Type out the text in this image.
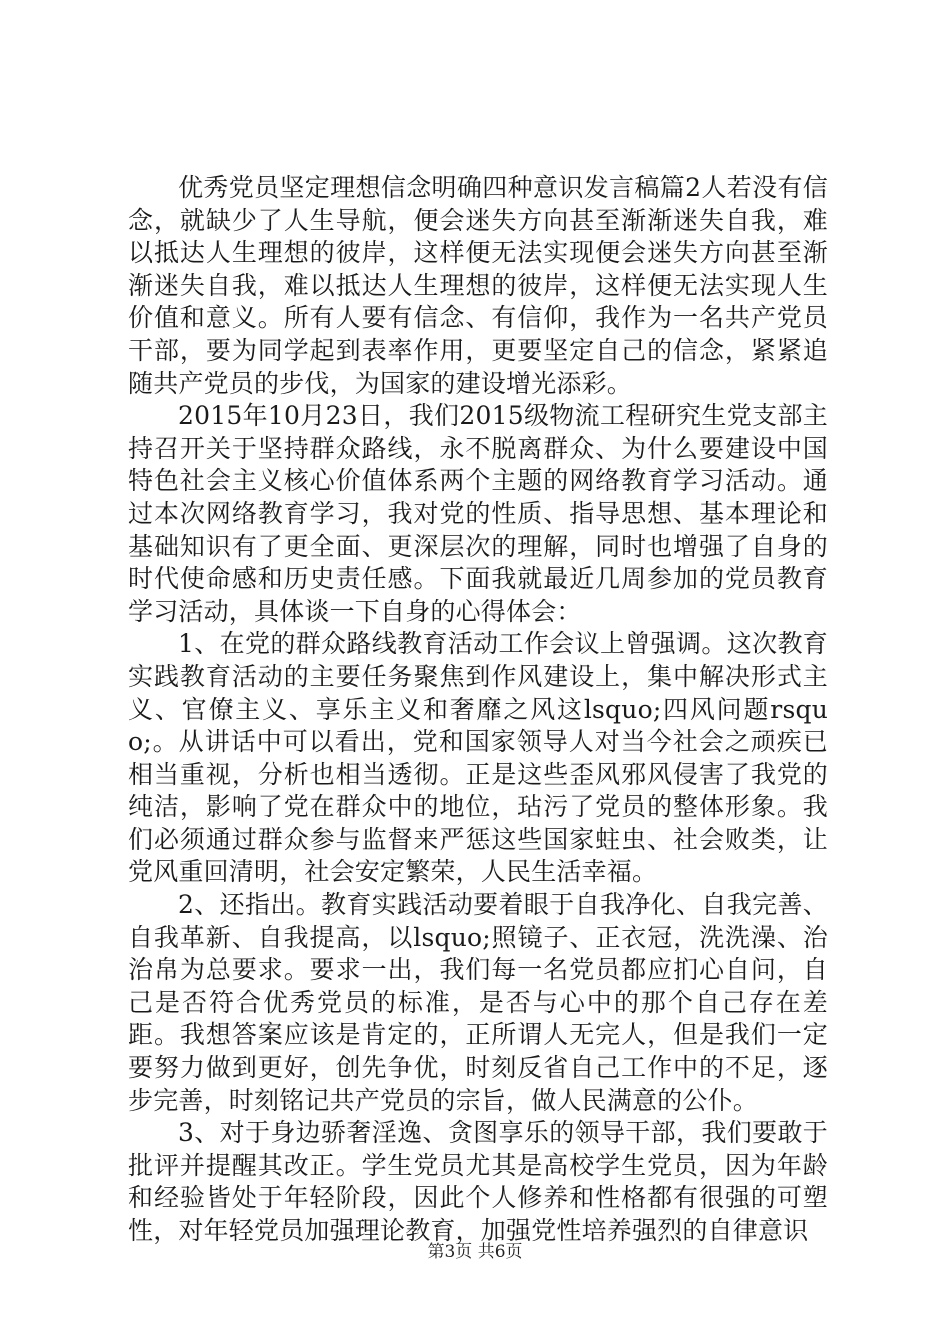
优秀党员坚定理想信念明确四种意识发言稿篇2人若没有信念，就缺少了人生导航，便会迷失方向甚至渐渐迷失自我，难以抵达人生理想的彼岸，这样便无法实现便会迷失方向甚至渐渐迷失自我，难以抵达人生理想的彼岸，这样便无法实现人生价值和意义。所有人要有信念、有信仰，我作为一名共产党员干部，要为同学起到表率作用，更要坚定自己的信念，紧紧追随共产党员的步伐，为国家的建设增光添彩。

2015年10月23日，我们2015级物流工程研究生党支部主持召开关于坚持群众路线，永不脱离群众、为什么要建设中国特色社会主义核心价值体系两个主题的网络教育学习活动。通过本次网络教育学习，我对党的性质、指导思想、基本理论和基础知识有了更全面、更深层次的理解，同时也增强了自身的时代使命感和历史责任感。下面我就最近几周参加的党员教育学习活动，具体谈一下自身的心得体会：

1、在党的群众路线教育活动工作会议上曾强调。这次教育实践教育活动的主要任务聚焦到作风建设上，集中解决形式主义、官僚主义、享乐主义和奢靡之风这lsquo;四风问题rsquo;。从讲话中可以看出，党和国家领导人对当今社会之顽疾已相当重视，分析也相当透彻。正是这些歪风邪风侵害了我党的纯洁，影响了党在群众中的地位，玷污了党员的整体形象。我们必须通过群众参与监督来严惩这些国家蛀虫、社会败类，让党风重回清明，社会安定繁荣，人民生活幸福。

2、还指出。教育实践活动要着眼于自我净化、自我完善、自我革新、自我提高，以lsquo;照镜子、正衣冠，洗洗澡、治治帛为总要求。要求一出，我们每一名党员都应扪心自问，自己是否符合优秀党员的标准，是否与心中的那个自己存在差距。我想答案应该是肯定的，正所谓人无完人，但是我们一定要努力做到更好，创先争优，时刻反省自己工作中的不足，逐步完善，时刻铭记共产党员的宗旨，做人民满意的公仆。

3、对于身边骄奢淫逸、贪图享乐的领导干部，我们要敢于批评并提醒其改正。学生党员尤其是高校学生党员，因为年龄和经验皆处于年轻阶段，因此个人修养和性格都有很强的可塑性，对年轻党员加强理论教育，加强党性培养强烈的自律意识

第3页 共6页
